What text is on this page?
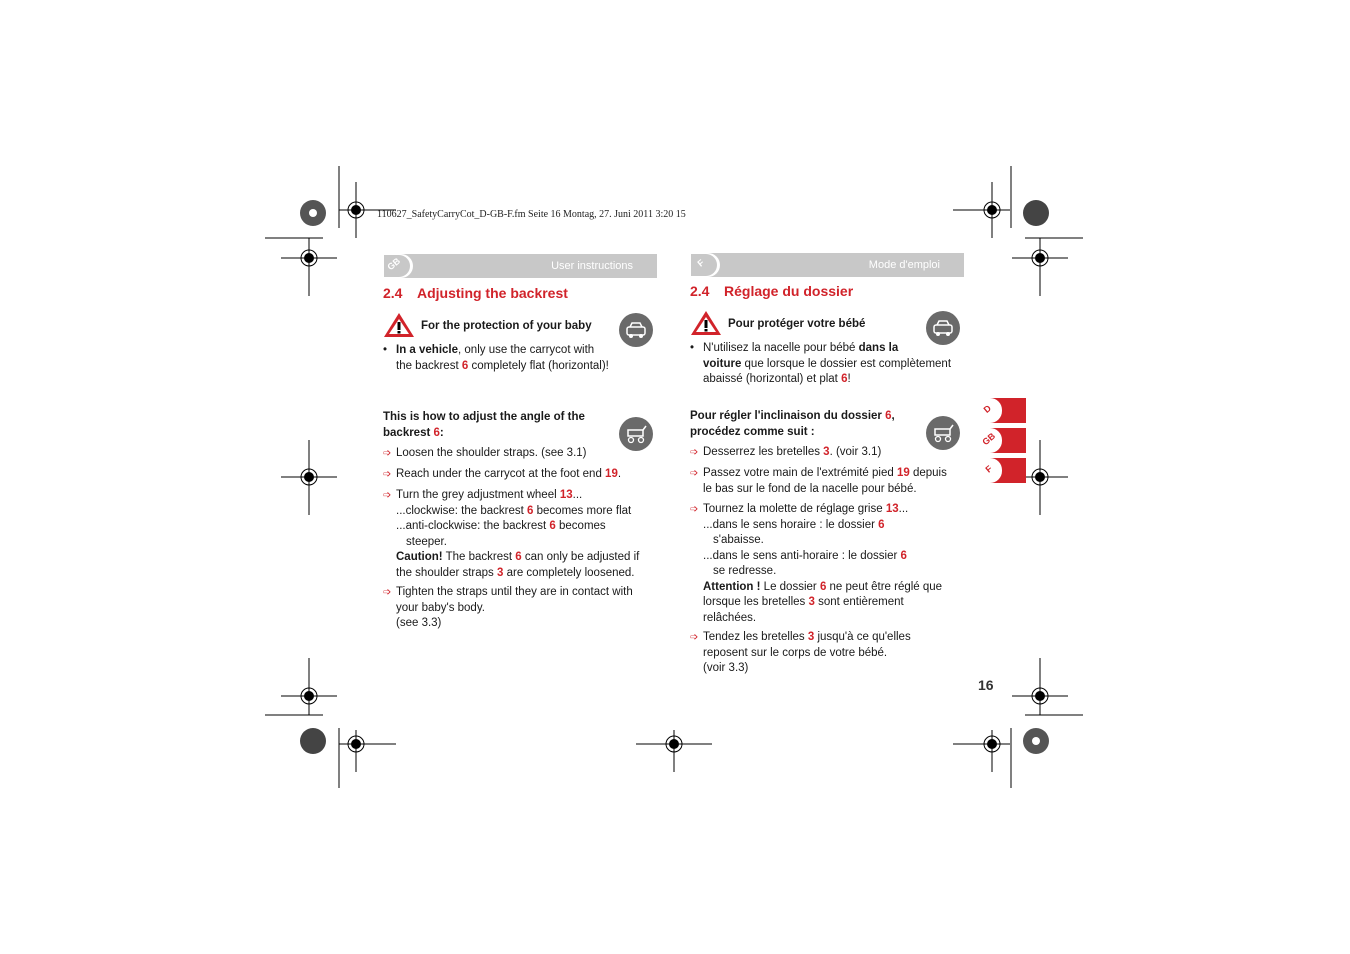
110627_SafetyCarryCot_D-GB-F.fm Seite 16 Montag, 27. Juni 2011 3:20 15
GB	User instructions
2.4 Adjusting the backrest
For the protection of your baby
• In a vehicle, only use the carrycot with
the backrest 6 completely flat (horizontal)!
This is how to adjust the angle of the
backrest 6:
➩ Loosen the shoulder straps. (see 3.1)
➩ Reach under the carrycot at the foot end 19.
➩ Turn the grey adjustment wheel 13...
...clockwise: the backrest 6 becomes more flat
...anti-clockwise: the backrest 6 becomes
steeper.
Caution! The backrest 6 can only be adjusted if
the shoulder straps 3 are completely loosened.
➩ Tighten the straps until they are in contact with
your baby's body.
(see 3.3)
F	Mode d'emploi
2.4 Réglage du dossier
Pour protéger votre bébé
• N'utilisez la nacelle pour bébé dans la
voiture que lorsque le dossier est complètement
abaissé (horizontal) et plat 6!
Pour régler l'inclinaison du dossier 6,
procédez comme suit :
➩ Desserrez les bretelles 3. (voir 3.1)
➩ Passez votre main de l'extrémité pied 19 depuis
le bas sur le fond de la nacelle pour bébé.
➩ Tournez la molette de réglage grise 13...
...dans le sens horaire : le dossier 6
s'abaisse.
...dans le sens anti-horaire : le dossier 6
se redresse.
Attention ! Le dossier 6 ne peut être réglé que
lorsque les bretelles 3 sont entièrement
relâchées.
➩ Tendez les bretelles 3 jusqu'à ce qu'elles
reposent sur le corps de votre bébé.
(voir 3.3)
D
GB
F
16
